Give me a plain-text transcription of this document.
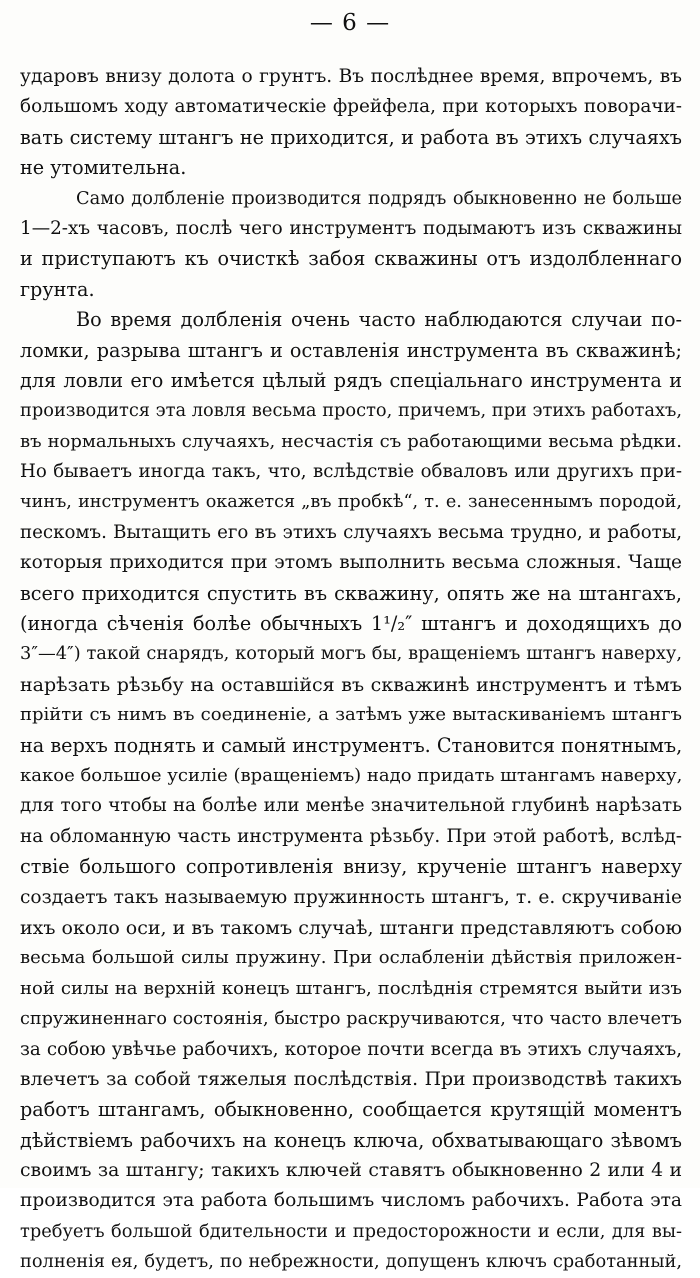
— 6 —
ударовъ внизу долота о грунтъ. Въ послѣднее время, впрочемъ, въ
большомъ ходу автоматическіе фрейфела, при которыхъ поворачи-
вать систему штангъ не приходится, и работа въ этихъ случаяхъ
не утомительна.
Само долбленіе производится подрядъ обыкновенно не больше
1—2-хъ часовъ, послѣ чего инструментъ подымаютъ изъ скважины
и приступаютъ къ очисткѣ забоя скважины отъ издолбленнаго
грунта.
Во время долбленія очень часто наблюдаются случаи по-
ломки, разрыва штангъ и оставленія инструмента въ скважинѣ;
для ловли его имѣется цѣлый рядъ спеціальнаго инструмента и
производится эта ловля весьма просто, причемъ, при этихъ работахъ,
въ нормальныхъ случаяхъ, несчастія съ работающими весьма рѣдки.
Но бываетъ иногда такъ, что, вслѣдствіе обваловъ или другихъ при-
чинъ, инструментъ окажется „въ пробкѣ“, т. е. занесеннымъ породой,
пескомъ. Вытащить его въ этихъ случаяхъ весьма трудно, и работы,
которыя приходится при этомъ выполнить весьма сложныя. Чаще
всего приходится спустить въ скважину, опять же на штангахъ,
(иногда сѣченія болѣе обычныхъ 1¹/₂″ штангъ и доходящихъ до
3″—4″) такой снарядъ, который могъ бы, вращеніемъ штангъ наверху,
нарѣзать рѣзьбу на оставшійся въ скважинѣ инструментъ и тѣмъ
прійти съ нимъ въ соединеніе, а затѣмъ уже вытаскиваніемъ штангъ
на верхъ поднять и самый инструментъ. Становится понятнымъ,
какое большое усиліе (вращеніемъ) надо придать штангамъ наверху,
для того чтобы на болѣе или менѣе значительной глубинѣ нарѣзать
на обломанную часть инструмента рѣзьбу. При этой работѣ, вслѣд-
ствіе большого сопротивленія внизу, крученіе штангъ наверху
создаетъ такъ называемую пружинность штангъ, т. е. скручиваніе
ихъ около оси, и въ такомъ случаѣ, штанги представляютъ собою
весьма большой силы пружину. При ослабленіи дѣйствія приложен-
ной силы на верхній конецъ штангъ, послѣднія стремятся выйти изъ
спружиненнаго состоянія, быстро раскручиваются, что часто влечетъ
за собою увѣчье рабочихъ, которое почти всегда въ этихъ случаяхъ,
влечетъ за собой тяжелыя послѣдствія. При производствѣ такихъ
работъ штангамъ, обыкновенно, сообщается крутящій моментъ
дѣйствіемъ рабочихъ на конецъ ключа, обхватывающаго зѣвомъ
своимъ за штангу; такихъ ключей ставятъ обыкновенно 2 или 4 и
производится эта работа большимъ числомъ рабочихъ. Работа эта
требуетъ большой бдительности и предосторожности и если, для вы-
полненія ея, будетъ, по небрежности, допущенъ ключъ сработанный,
